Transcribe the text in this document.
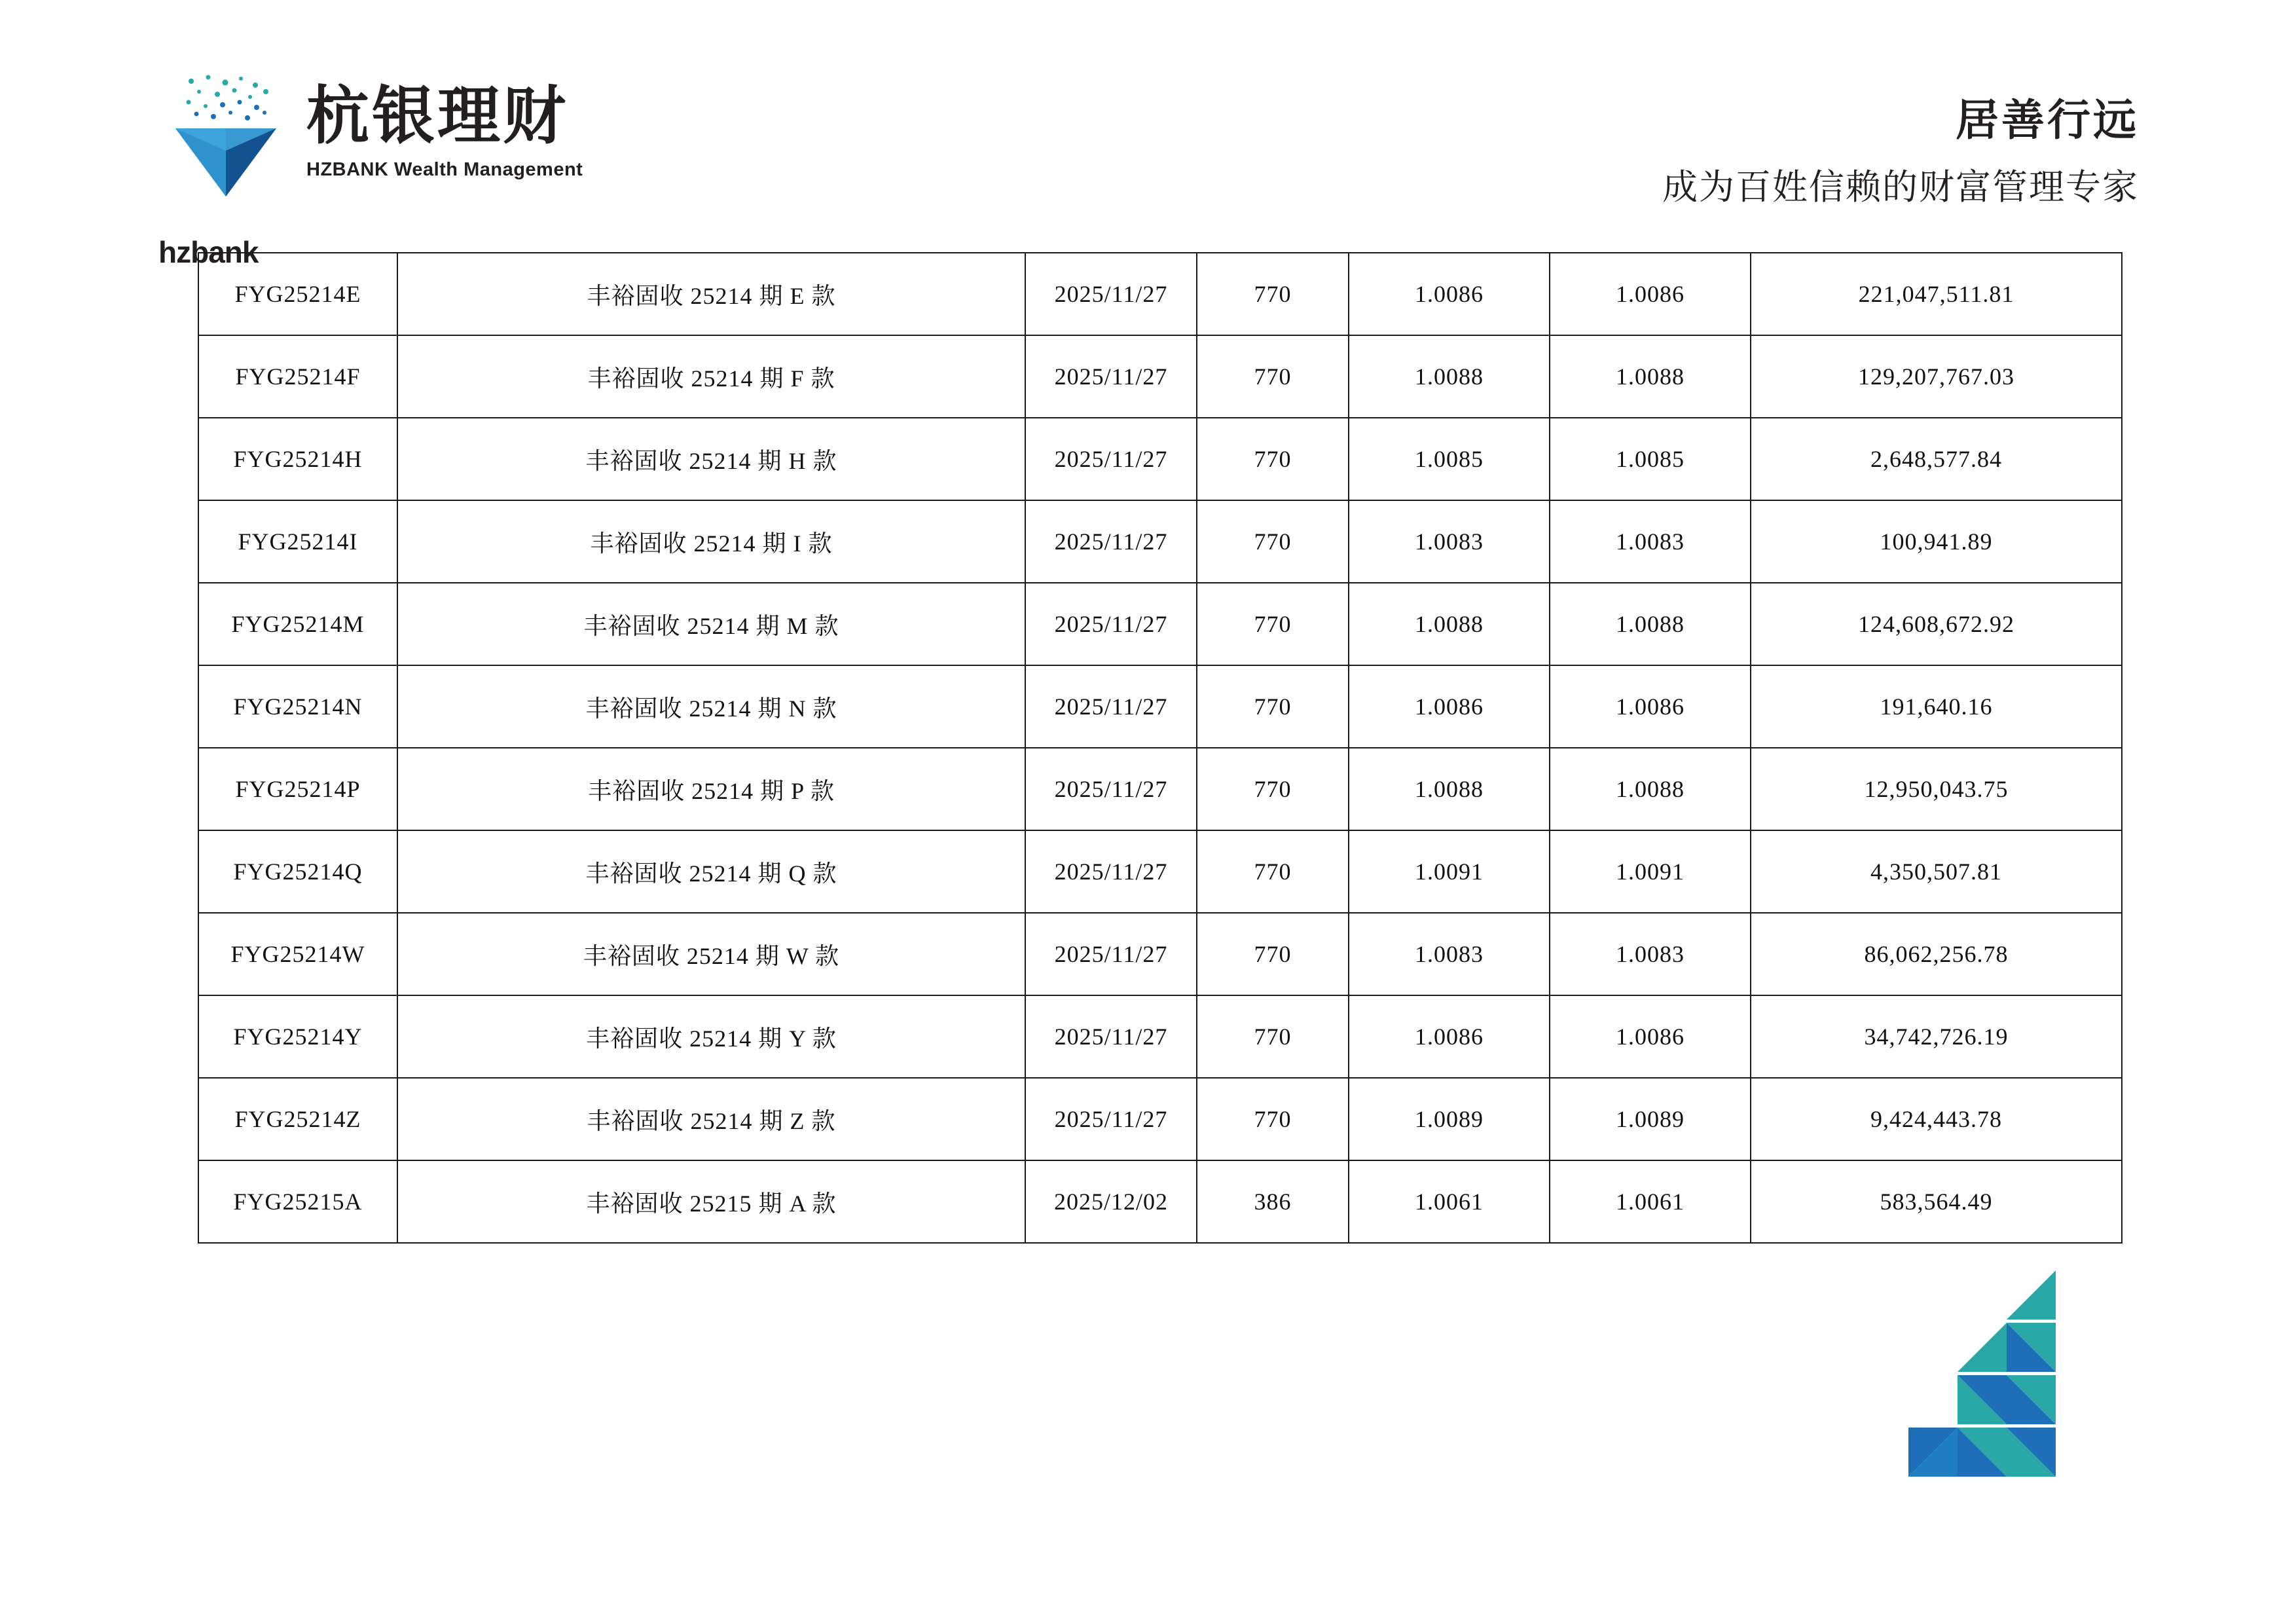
杭银理财
HZBANK Wealth Management
hzbank
居善行远
成为百姓信赖的财富管理专家
FYG25214E	丰裕固收 25214 期 E 款	2025/11/27	770	1.0086	1.0086	221,047,511.81
FYG25214F	丰裕固收 25214 期 F 款	2025/11/27	770	1.0088	1.0088	129,207,767.03
FYG25214H	丰裕固收 25214 期 H 款	2025/11/27	770	1.0085	1.0085	2,648,577.84
FYG25214I	丰裕固收 25214 期 I 款	2025/11/27	770	1.0083	1.0083	100,941.89
FYG25214M	丰裕固收 25214 期 M 款	2025/11/27	770	1.0088	1.0088	124,608,672.92
FYG25214N	丰裕固收 25214 期 N 款	2025/11/27	770	1.0086	1.0086	191,640.16
FYG25214P	丰裕固收 25214 期 P 款	2025/11/27	770	1.0088	1.0088	12,950,043.75
FYG25214Q	丰裕固收 25214 期 Q 款	2025/11/27	770	1.0091	1.0091	4,350,507.81
FYG25214W	丰裕固收 25214 期 W 款	2025/11/27	770	1.0083	1.0083	86,062,256.78
FYG25214Y	丰裕固收 25214 期 Y 款	2025/11/27	770	1.0086	1.0086	34,742,726.19
FYG25214Z	丰裕固收 25214 期 Z 款	2025/11/27	770	1.0089	1.0089	9,424,443.78
FYG25215A	丰裕固收 25215 期 A 款	2025/12/02	386	1.0061	1.0061	583,564.49
